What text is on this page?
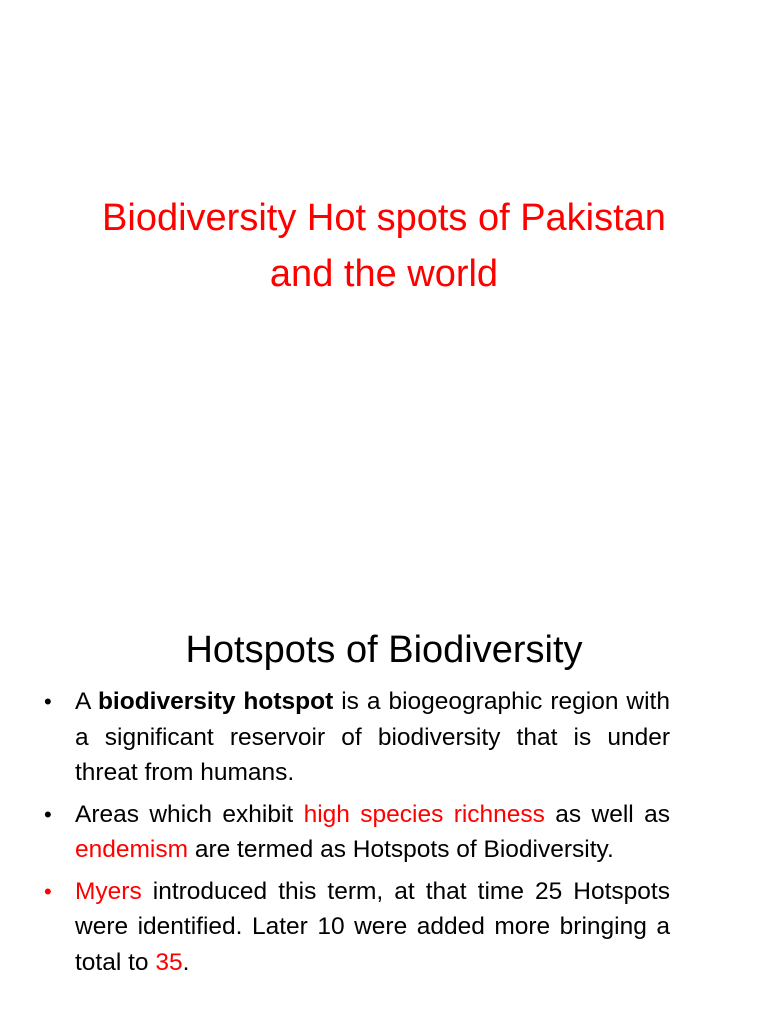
Biodiversity Hot spots of Pakistan
and the world
Hotspots of Biodiversity
• A biodiversity hotspot is a biogeographic region with a significant reservoir of biodiversity that is under threat from humans.
• Areas which exhibit high species richness as well as endemism are termed as Hotspots of Biodiversity.
• Myers introduced this term, at that time 25 Hotspots were identified. Later 10 were added more bringing a total to 35.
